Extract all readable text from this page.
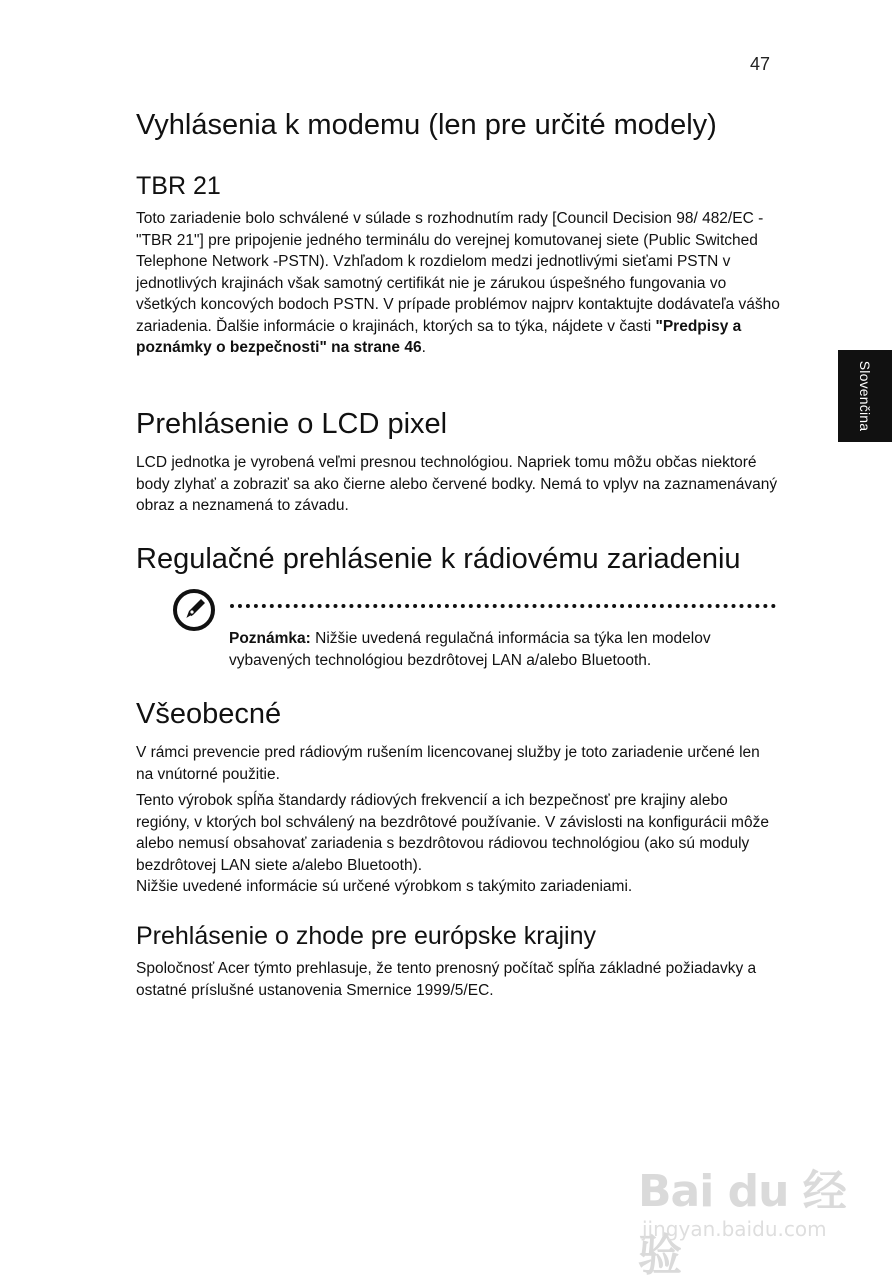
47
Slovenčina
Vyhlásenia k modemu (len pre určité modely)
TBR 21

Toto zariadenie bolo schválené v súlade s rozhodnutím rady [Council Decision 98/ 482/EC - "TBR 21"] pre pripojenie jedného terminálu do verejnej komutovanej siete (Public Switched Telephone Network -PSTN). Vzhľadom k rozdielom medzi jednotlivými sieťami PSTN v jednotlivých krajinách však samotný certifikát nie je zárukou úspešného fungovania vo všetkých koncových bodoch PSTN. V prípade problémov najprv kontaktujte dodávateľa vášho zariadenia. Ďalšie informácie o krajinách, ktorých sa to týka, nájdete v časti "Predpisy a poznámky o bezpečnosti" na strane 46.

Prehlásenie o LCD pixel

LCD jednotka je vyrobená veľmi presnou technológiou. Napriek tomu môžu občas niektoré body zlyhať a zobraziť sa ako čierne alebo červené bodky. Nemá to vplyv na zaznamenávaný obraz a neznamená to závadu.

Regulačné prehlásenie k rádiovému zariadeniu

Poznámka: Nižšie uvedená regulačná informácia sa týka len modelov vybavených technológiou bezdrôtovej LAN a/alebo Bluetooth.

Všeobecné

V rámci prevencie pred rádiovým rušením licencovanej služby je toto zariadenie určené len na vnútorné použitie.

Tento výrobok spĺňa štandardy rádiových frekvencií a ich bezpečnosť pre krajiny alebo regióny, v ktorých bol schválený na bezdrôtové používanie. V závislosti na konfigurácii môže alebo nemusí obsahovať zariadenia s bezdrôtovou rádiovou technológiou (ako sú moduly bezdrôtovej LAN siete a/alebo Bluetooth).
Nižšie uvedené informácie sú určené výrobkom s takýmito zariadeniami.

Prehlásenie o zhode pre európske krajiny

Spoločnosť Acer týmto prehlasuje, že tento prenosný počítač spĺňa základné požiadavky a ostatné príslušné ustanovenia Smernice 1999/5/EC.

Bai du 经验
jingyan.baidu.com
